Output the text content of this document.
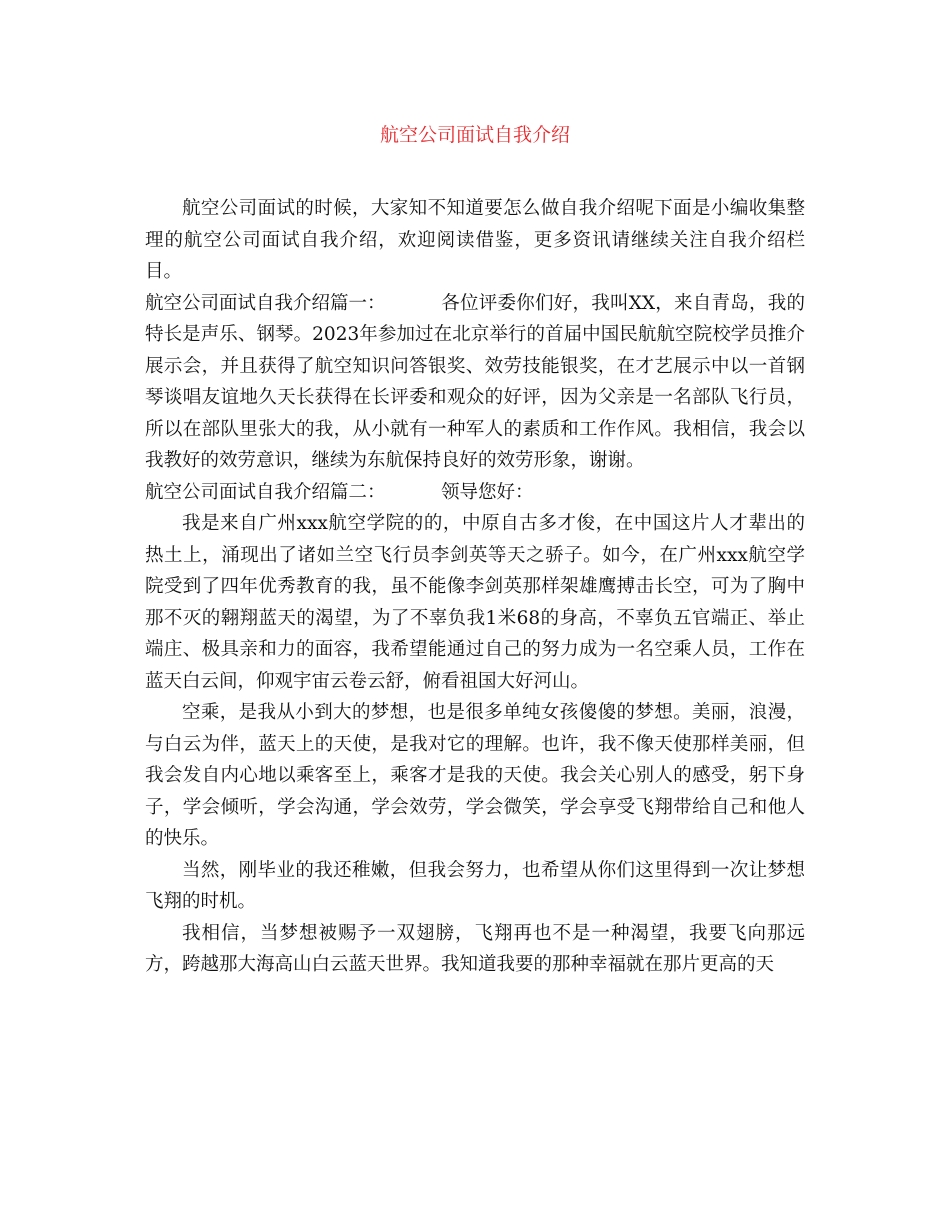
航空公司面试自我介绍

航空公司面试的时候，大家知不知道要怎么做自我介绍呢下面是小编收集整理的航空公司面试自我介绍，欢迎阅读借鉴，更多资讯请继续关注自我介绍栏目。

航空公司面试自我介绍篇一：	各位评委你们好，我叫XX，来自青岛，我的特长是声乐、钢琴。2023年参加过在北京举行的首届中国民航航空院校学员推介展示会，并且获得了航空知识问答银奖、效劳技能银奖，在才艺展示中以一首钢琴谈唱友谊地久天长获得在长评委和观众的好评，因为父亲是一名部队飞行员，所以在部队里张大的我，从小就有一种军人的素质和工作作风。我相信，我会以我教好的效劳意识，继续为东航保持良好的效劳形象，谢谢。

航空公司面试自我介绍篇二：	领导您好：

我是来自广州xxx航空学院的的，中原自古多才俊，在中国这片人才辈出的热土上，涌现出了诸如兰空飞行员李剑英等天之骄子。如今，在广州xxx航空学院受到了四年优秀教育的我，虽不能像李剑英那样架雄鹰搏击长空，可为了胸中那不灭的翱翔蓝天的渴望，为了不辜负我1米68的身高，不辜负五官端正、举止端庄、极具亲和力的面容，我希望能通过自己的努力成为一名空乘人员，工作在蓝天白云间，仰观宇宙云卷云舒，俯看祖国大好河山。

空乘，是我从小到大的梦想，也是很多单纯女孩傻傻的梦想。美丽，浪漫，与白云为伴，蓝天上的天使，是我对它的理解。也许，我不像天使那样美丽，但我会发自内心地以乘客至上，乘客才是我的天使。我会关心别人的感受，躬下身子，学会倾听，学会沟通，学会效劳，学会微笑，学会享受飞翔带给自己和他人的快乐。

当然，刚毕业的我还稚嫩，但我会努力，也希望从你们这里得到一次让梦想飞翔的时机。

我相信，当梦想被赐予一双翅膀，飞翔再也不是一种渴望，我要飞向那远方，跨越那大海高山白云蓝天世界。我知道我要的那种幸福就在那片更高的天
